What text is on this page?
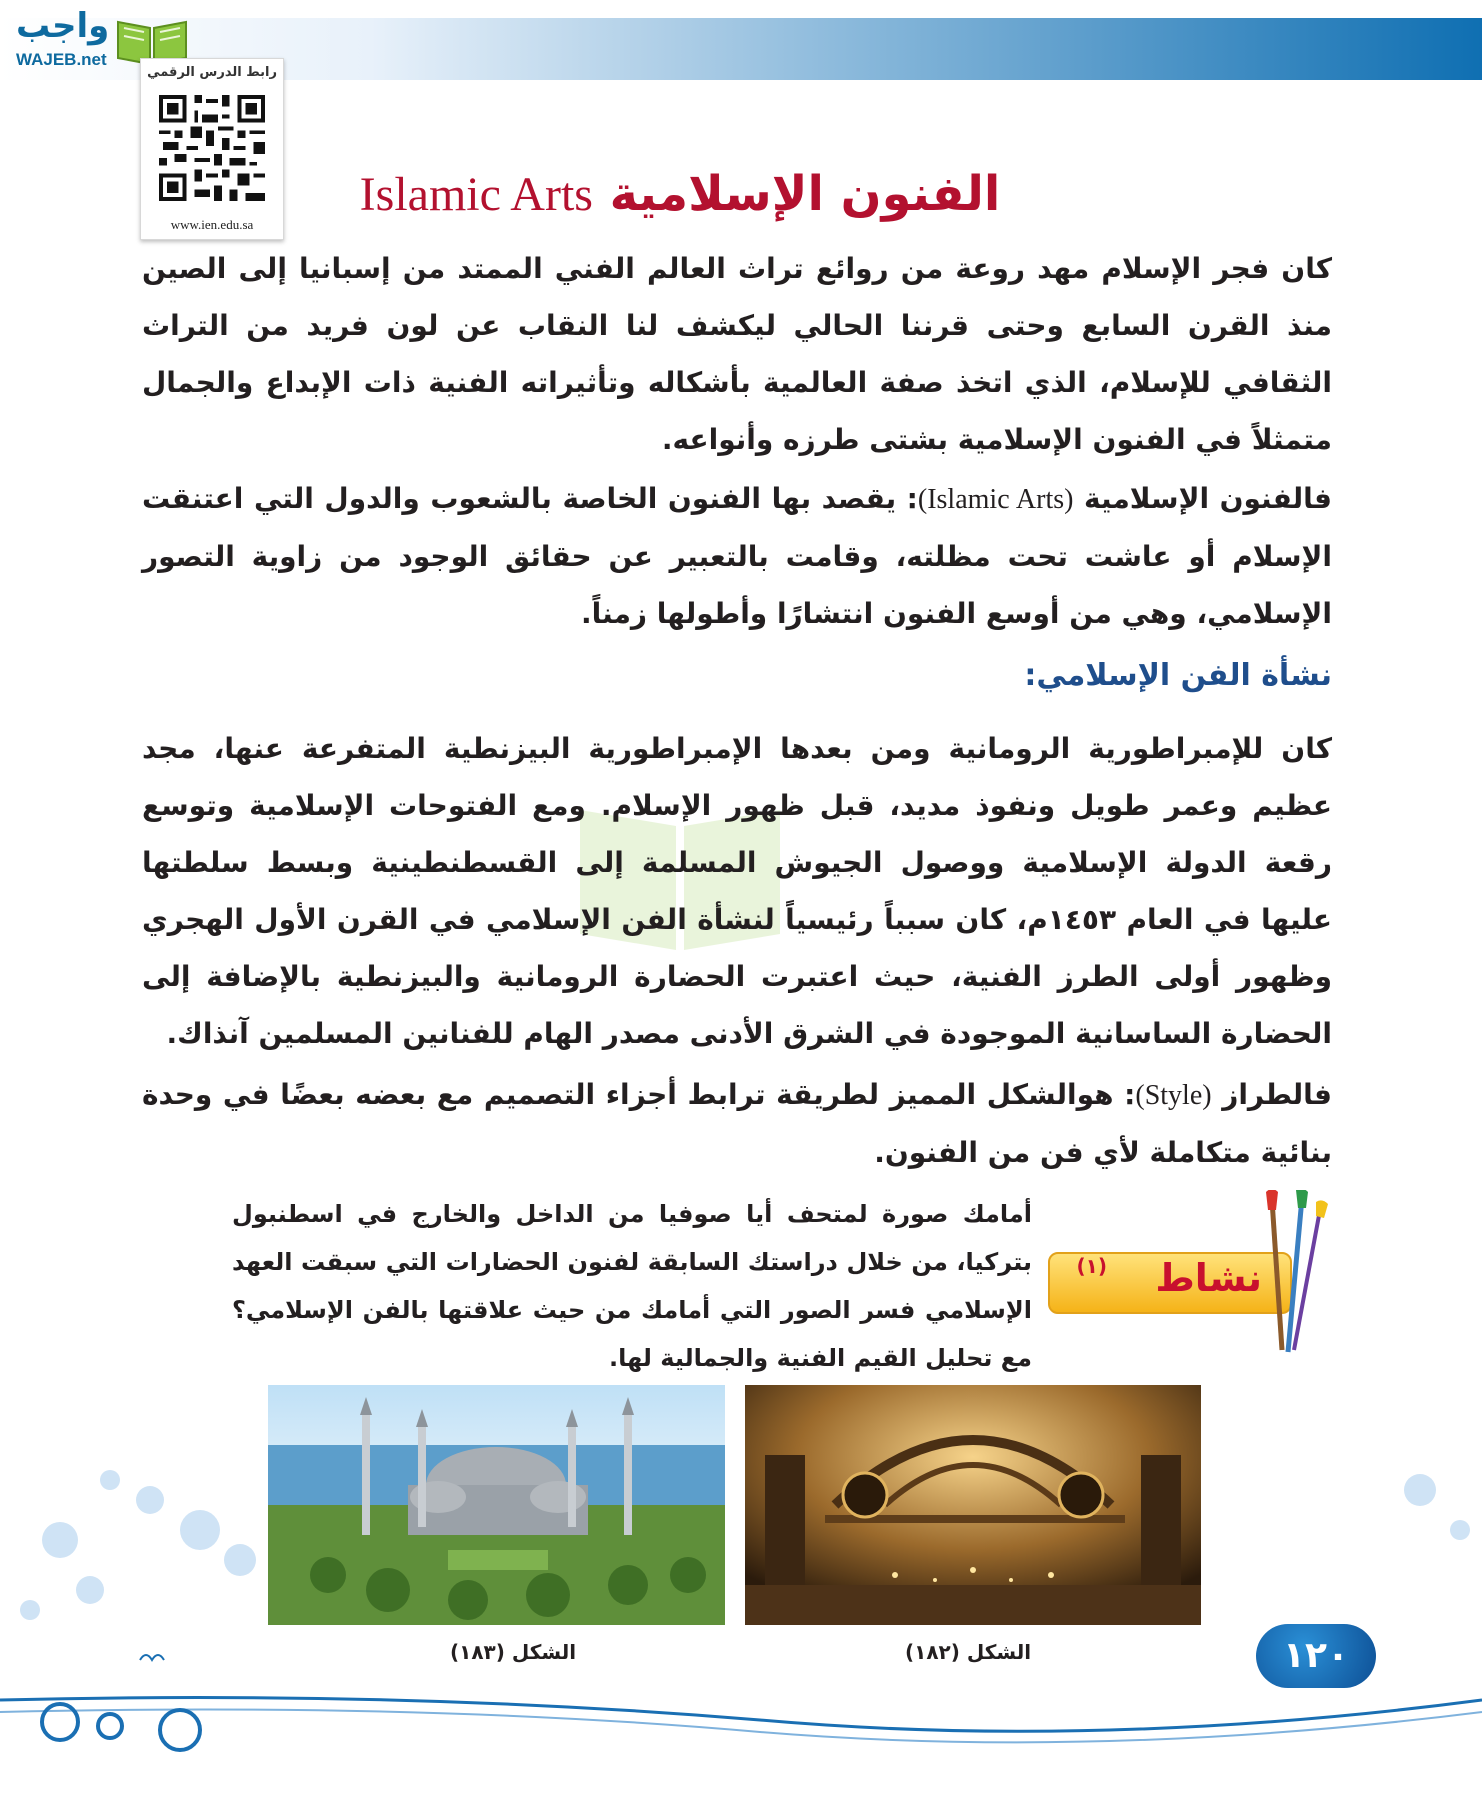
واجب
WAJEB.net
رابط الدرس الرقمي
www.ien.edu.sa
Islamic Arts الفنون الإسلامية

كان فجر الإسلام مهد روعة من روائع تراث العالم الفني الممتد من إسبانيا إلى الصين منذ القرن السابع وحتى قرننا الحالي ليكشف لنا النقاب عن لون فريد من التراث الثقافي للإسلام، الذي اتخذ صفة العالمية بأشكاله وتأثيراته الفنية ذات الإبداع والجمال متمثلاً في الفنون الإسلامية بشتى طرزه وأنواعه.

فالفنون الإسلامية (Islamic Arts): يقصد بها الفنون الخاصة بالشعوب والدول التي اعتنقت الإسلام أو عاشت تحت مظلته، وقامت بالتعبير عن حقائق الوجود من زاوية التصور الإسلامي، وهي من أوسع الفنون انتشارًا وأطولها زمناً.

نشأة الفن الإسلامي:

كان للإمبراطورية الرومانية ومن بعدها الإمبراطورية البيزنطية المتفرعة عنها، مجد عظيم وعمر طويل ونفوذ مديد، قبل ظهور الإسلام. ومع الفتوحات الإسلامية وتوسع رقعة الدولة الإسلامية ووصول الجيوش المسلمة إلى القسطنطينية وبسط سلطتها عليها في العام ١٤٥٣م، كان سبباً رئيسياً لنشأة الفن الإسلامي في القرن الأول الهجري وظهور أولى الطرز الفنية، حيث اعتبرت الحضارة الرومانية والبيزنطية بالإضافة إلى الحضارة الساسانية الموجودة في الشرق الأدنى مصدر الهام للفنانين المسلمين آنذاك.

فالطراز (Style): هوالشكل المميز لطريقة ترابط أجزاء التصميم مع بعضه بعضًا في وحدة بنائية متكاملة لأي فن من الفنون.

نشاط
(١)

أمامك صورة لمتحف أيا صوفيا من الداخل والخارج في اسطنبول بتركيا، من خلال دراستك السابقة لفنون الحضارات التي سبقت العهد الإسلامي فسر الصور التي أمامك من حيث علاقتها بالفن الإسلامي؟ مع تحليل القيم الفنية والجمالية لها.

الشكل (١٨٢)
الشكل (١٨٣)	١٢٠
